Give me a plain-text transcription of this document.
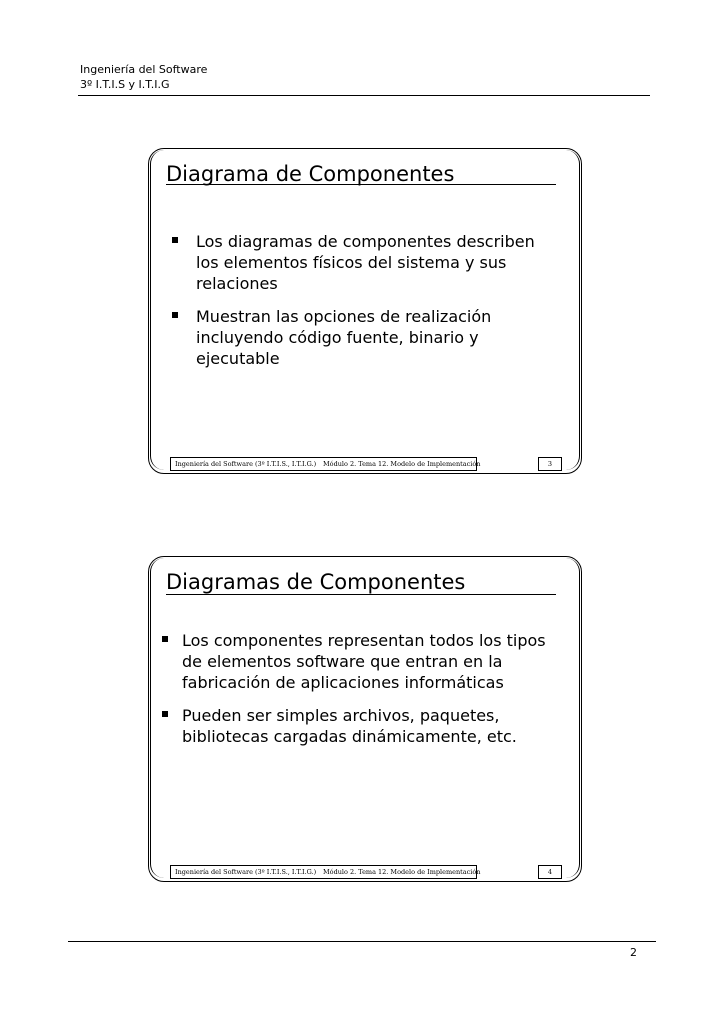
Ingeniería del Software
3º I.T.I.S y I.T.I.G
Diagrama de Componentes
Los diagramas de componentes describen los elementos físicos del sistema y sus relaciones
Muestran las opciones de realización incluyendo código fuente, binario y ejecutable
Ingeniería del Software (3º I.T.I.S., I.T.I.G.) Módulo 2. Tema 12. Modelo de Implementación	3
Diagramas de Componentes
Los componentes representan todos los tipos de elementos software que entran en la fabricación de aplicaciones informáticas
Pueden ser simples archivos, paquetes, bibliotecas cargadas dinámicamente, etc.
Ingeniería del Software (3º I.T.I.S., I.T.I.G.) Módulo 2. Tema 12. Modelo de Implementación	4
2
